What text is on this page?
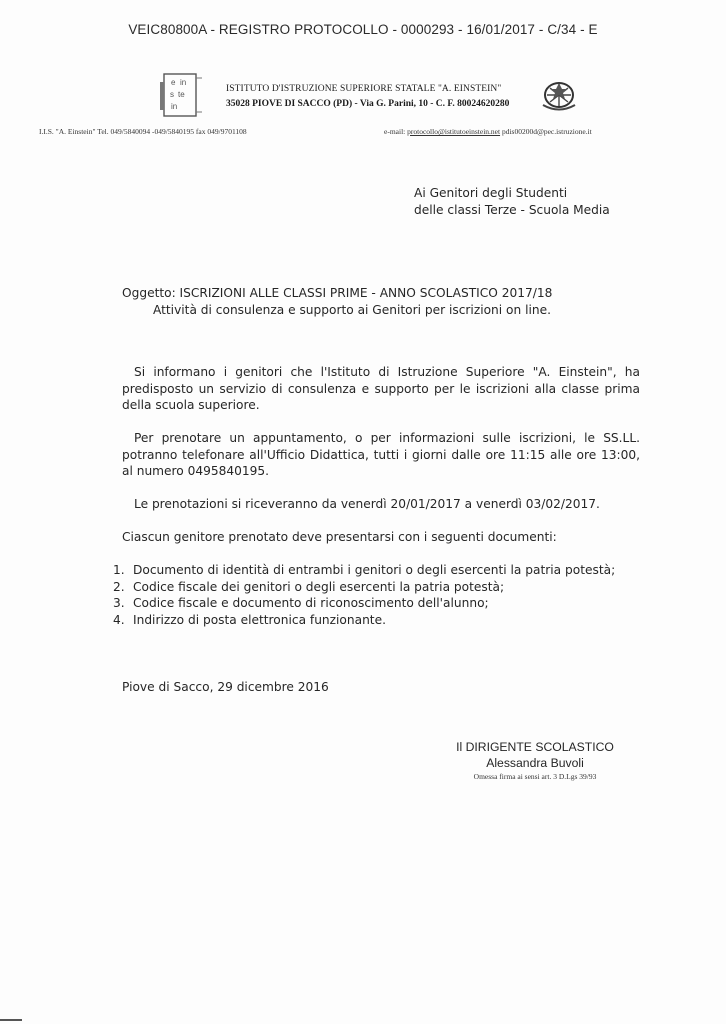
VEIC80800A - REGISTRO PROTOCOLLO - 0000293 - 16/01/2017 - C/34 - E
e in
s te
in
ISTITUTO D'ISTRUZIONE SUPERIORE STATALE "A. EINSTEIN"
35028 PIOVE DI SACCO (PD) - Via G. Parini, 10 - C. F. 80024620280
I.I.S. "A. Einstein" Tel. 049/5840094 -049/5840195 fax 049/9701108	e-mail: protocollo@istitutoeinstein.net pdis00200d@pec.istruzione.it
Ai Genitori degli Studenti
delle classi Terze - Scuola Media
Oggetto: ISCRIZIONI ALLE CLASSI PRIME - ANNO SCOLASTICO 2017/18
Attività di consulenza e supporto ai Genitori per iscrizioni on line.
Si informano i genitori che l'Istituto di Istruzione Superiore "A. Einstein", ha predisposto un servizio di consulenza e supporto per le iscrizioni alla classe prima della scuola superiore.
Per prenotare un appuntamento, o per informazioni sulle iscrizioni, le SS.LL. potranno telefonare all'Ufficio Didattica, tutti i giorni dalle ore 11:15 alle ore 13:00, al numero 0495840195.
Le prenotazioni si riceveranno da venerdì 20/01/2017 a venerdì 03/02/2017.
Ciascun genitore prenotato deve presentarsi con i seguenti documenti:
1. Documento di identità di entrambi i genitori o degli esercenti la patria potestà;
2. Codice fiscale dei genitori o degli esercenti la patria potestà;
3. Codice fiscale e documento di riconoscimento dell'alunno;
4. Indirizzo di posta elettronica funzionante.
Piove di Sacco, 29 dicembre 2016
Il DIRIGENTE SCOLASTICO
Alessandra Buvoli
Omessa firma ai sensi art. 3 D.Lgs 39/93
